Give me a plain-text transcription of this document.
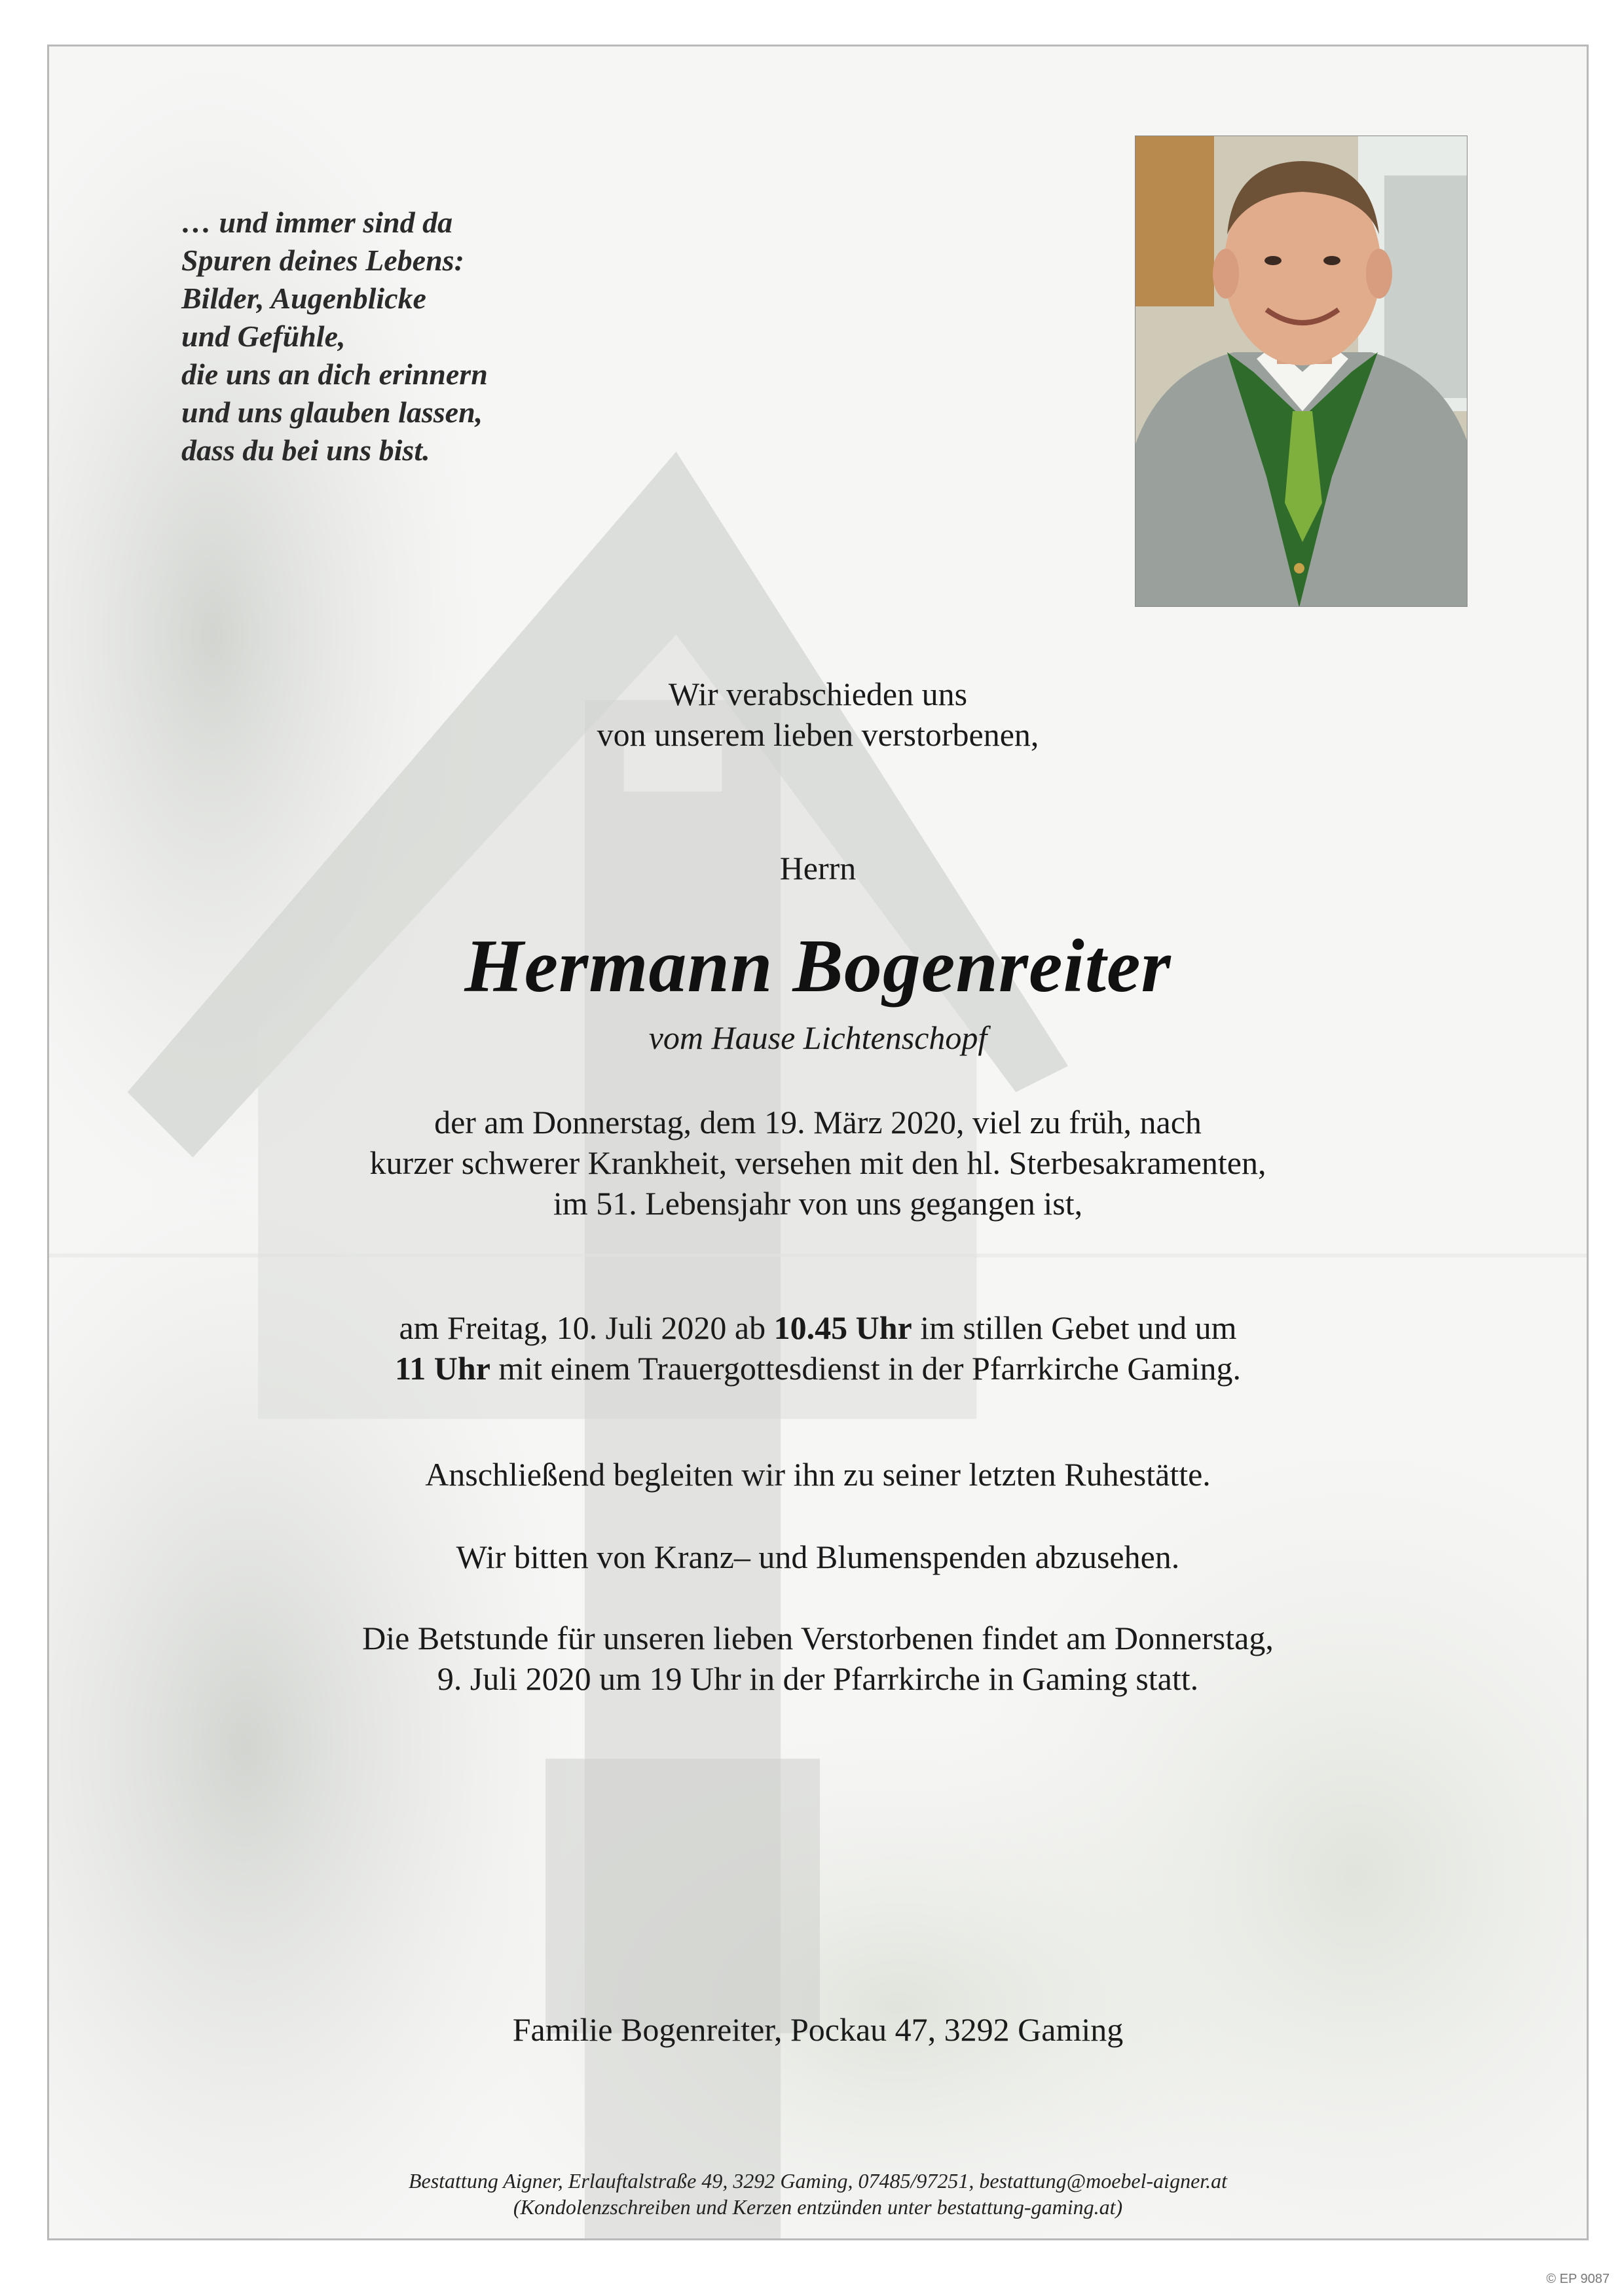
… und immer sind da
Spuren deines Lebens:
Bilder, Augenblicke
und Gefühle,
die uns an dich erinnern
und uns glauben lassen,
dass du bei uns bist.
Wir verabschieden uns
von unserem lieben verstorbenen,
Herrn
Hermann Bogenreiter
vom Hause Lichtenschopf
der am Donnerstag, dem 19. März 2020, viel zu früh, nach
kurzer schwerer Krankheit, versehen mit den hl. Sterbesakramenten,
im 51. Lebensjahr von uns gegangen ist,
am Freitag, 10. Juli 2020 ab 10.45 Uhr im stillen Gebet und um
11 Uhr mit einem Trauergottesdienst in der Pfarrkirche Gaming.
Anschließend begleiten wir ihn zu seiner letzten Ruhestätte.
Wir bitten von Kranz– und Blumenspenden abzusehen.
Die Betstunde für unseren lieben Verstorbenen findet am Donnerstag,
9. Juli 2020 um 19 Uhr in der Pfarrkirche in Gaming statt.
Familie Bogenreiter, Pockau 47, 3292 Gaming
Bestattung Aigner, Erlauftalstraße 49, 3292 Gaming, 07485/97251, bestattung@moebel-aigner.at
(Kondolenzschreiben und Kerzen entzünden unter bestattung-gaming.at)
© EP 9087
